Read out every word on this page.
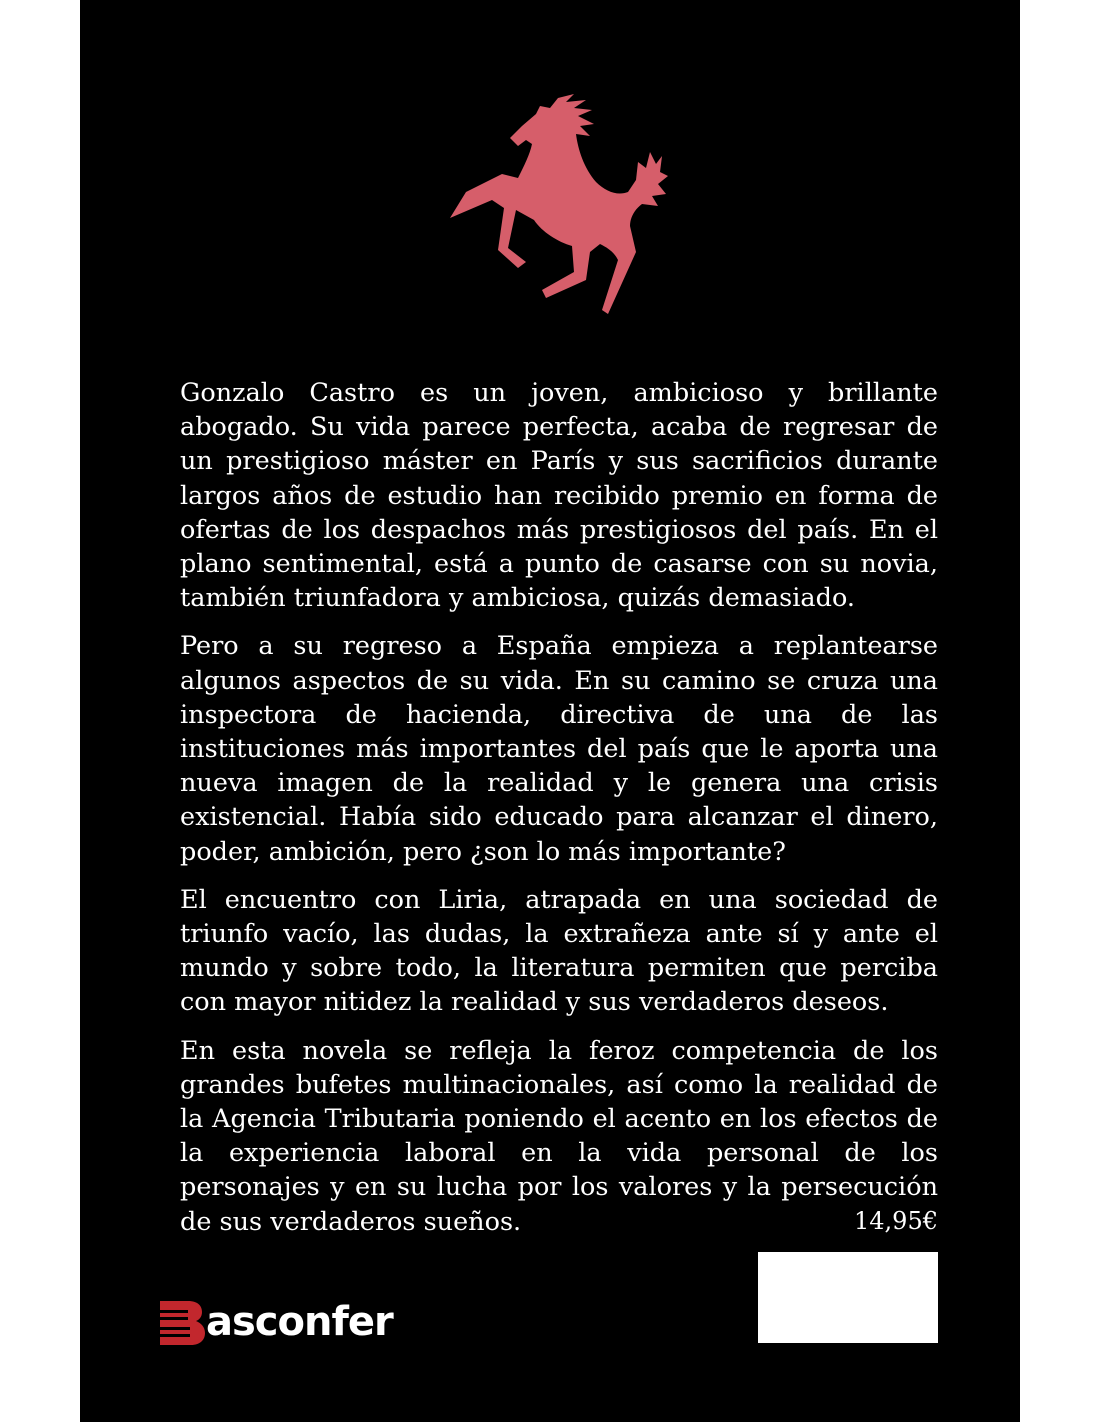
Gonzalo Castro es un joven, ambicioso y brillante abogado. Su vida parece perfecta, acaba de regresar de un prestigioso máster en París y sus sacrificios durante largos años de estudio han recibido premio en forma de ofertas de los despachos más prestigiosos del país. En el plano sentimental, está a punto de casarse con su novia, también triunfadora y ambiciosa, quizás demasiado.

Pero a su regreso a España empieza a replantearse algunos aspectos de su vida. En su camino se cruza una inspectora de hacienda, directiva de una de las instituciones más importantes del país que le aporta una nueva imagen de la realidad y le genera una crisis existencial. Había sido educado para alcanzar el dinero, poder, ambición, pero ¿son lo más importante?

El encuentro con Liria, atrapada en una sociedad de triunfo vacío, las dudas, la extrañeza ante sí y ante el mundo y sobre todo, la literatura permiten que perciba con mayor nitidez la realidad y sus verdaderos deseos.

En esta novela se refleja la feroz competencia de los grandes bufetes multinacionales, así como la realidad de la Agencia Tributaria poniendo el acento en los efectos de la experiencia laboral en la vida personal de los personajes y en su lucha por los valores y la persecución de sus verdaderos sueños.	14,95€
asconfer
